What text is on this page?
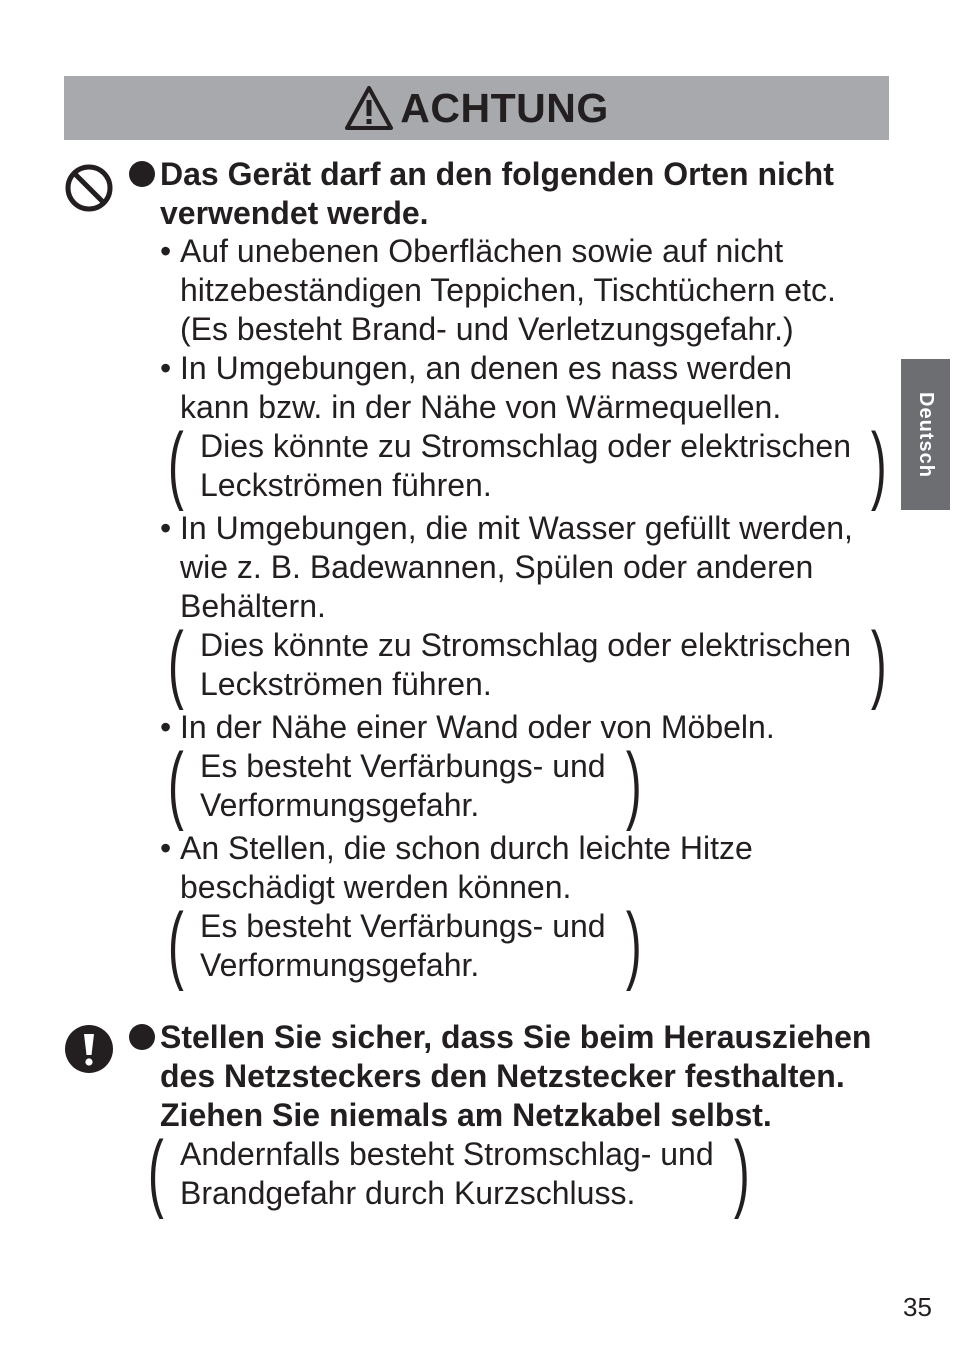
ACHTUNG
Deutsch
Das Gerät darf an den folgenden Orten nicht
verwendet werde.
• Auf unebenen Oberflächen sowie auf nicht
hitzebeständigen Teppichen, Tischtüchern etc.
(Es besteht Brand- und Verletzungsgefahr.)
• In Umgebungen, an denen es nass werden
kann bzw. in der Nähe von Wärmequellen.
( Dies könnte zu Stromschlag oder elektrischen
Leckströmen führen.	)
• In Umgebungen, die mit Wasser gefüllt werden,
wie z. B. Badewannen, Spülen oder anderen
Behältern.
( Dies könnte zu Stromschlag oder elektrischen
Leckströmen führen.	)
• In der Nähe einer Wand oder von Möbeln.
( Es besteht Verfärbungs- und
Verformungsgefahr.	)
• An Stellen, die schon durch leichte Hitze
beschädigt werden können.
( Es besteht Verfärbungs- und
Verformungsgefahr.	)
Stellen Sie sicher, dass Sie beim Herausziehen
des Netzsteckers den Netzstecker festhalten.
Ziehen Sie niemals am Netzkabel selbst.
( Andernfalls besteht Stromschlag- und
Brandgefahr durch Kurzschluss.	)
35
